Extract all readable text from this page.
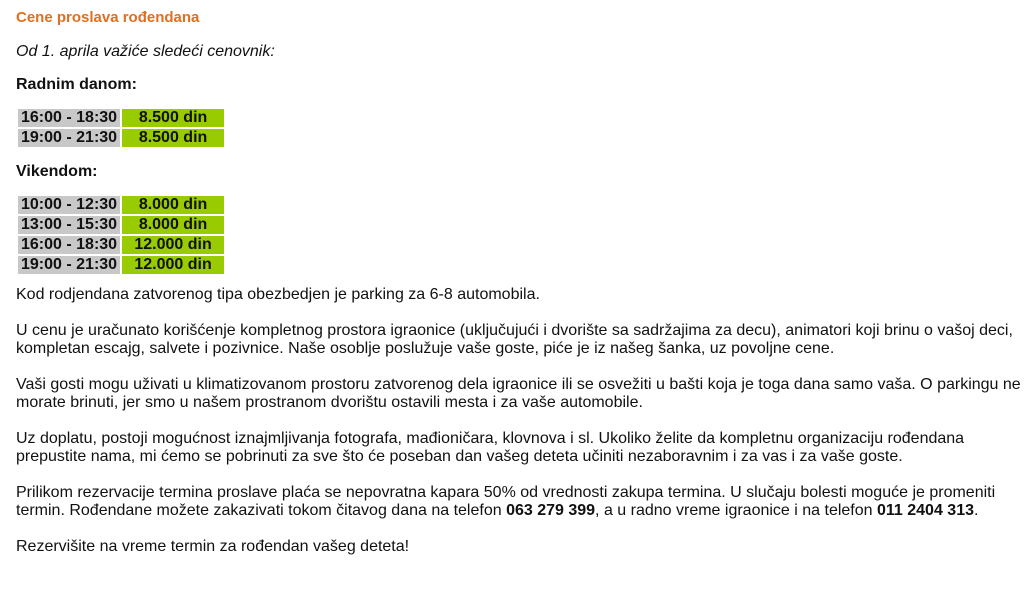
Cene proslava rođendana

Od 1. aprila važiće sledeći cenovnik:

Radnim danom:

16:00 - 18:30	8.500 din
19:00 - 21:30	8.500 din

Vikendom:

10:00 - 12:30	8.000 din
13:00 - 15:30	8.000 din
16:00 - 18:30	12.000 din
19:00 - 21:30	12.000 din

Kod rodjendana zatvorenog tipa obezbedjen je parking za 6-8 automobila.

U cenu je uračunato korišćenje kompletnog prostora igraonice (uključujući i dvorište sa sadržajima za decu), animatori koji brinu o vašoj deci, kompletan escajg, salvete i pozivnice. Naše osoblje poslužuje vaše goste, piće je iz našeg šanka, uz povoljne cene.

Vaši gosti mogu uživati u klimatizovanom prostoru zatvorenog dela igraonice ili se osvežiti u bašti koja je toga dana samo vaša. O parkingu ne morate brinuti, jer smo u našem prostranom dvorištu ostavili mesta i za vaše automobile.

Uz doplatu, postoji mogućnost iznajmljivanja fotografa, mađioničara, klovnova i sl. Ukoliko želite da kompletnu organizaciju rođendana prepustite nama, mi ćemo se pobrinuti za sve što će poseban dan vašeg deteta učiniti nezaboravnim i za vas i za vaše goste.

Prilikom rezervacije termina proslave plaća se nepovratna kapara 50% od vrednosti zakupa termina. U slučaju bolesti moguće je promeniti termin. Rođendane možete zakazivati tokom čitavog dana na telefon 063 279 399, a u radno vreme igraonice i na telefon 011 2404 313.

Rezervišite na vreme termin za rođendan vašeg deteta!
